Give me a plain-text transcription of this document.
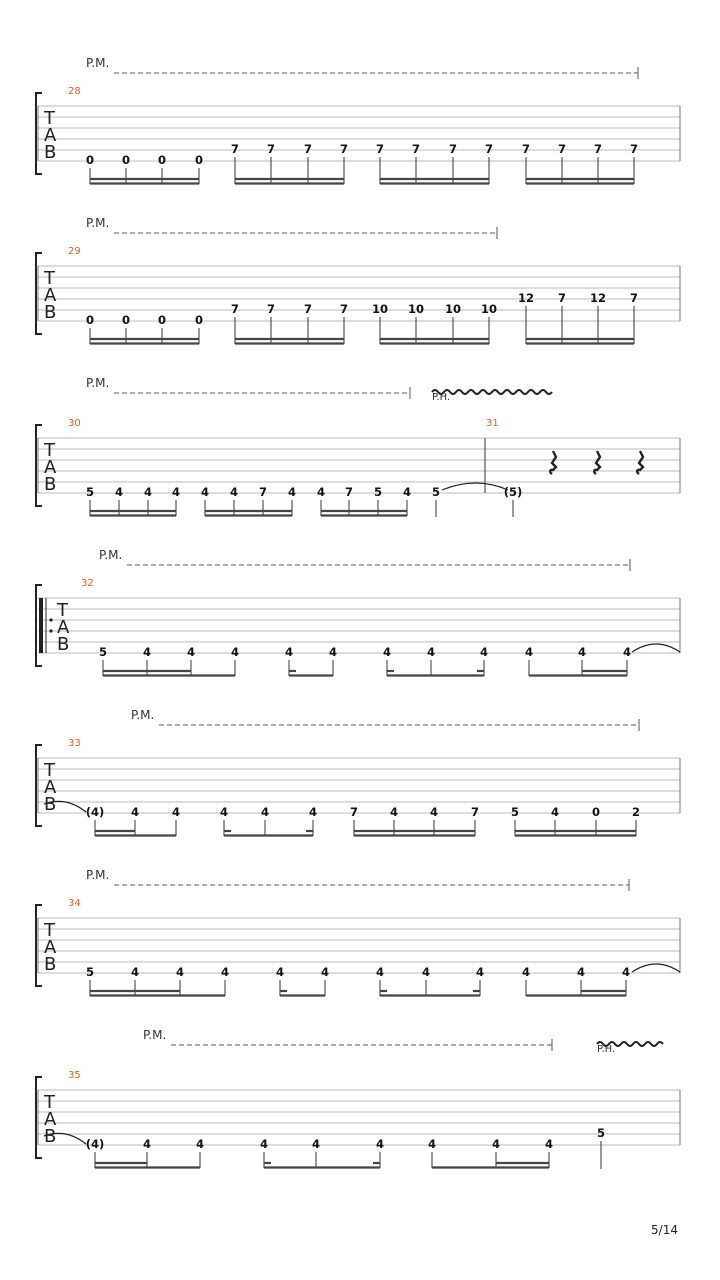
P.M.
T
A
B
28
0 0 0	0
7 7	7 7 7 7	7 7	7 7 7 7
P.M.
T
A
B
29
0 0 0	0
7 7	7 7 10 10 10 10
12 7 12 7
P.M.
P.H.
T
A
B
30	31
5 4 4 4 4 4 7 4 4 7 5 4 5	(5)
P.M.
T
A
B
32
5	4	4	4	4	4	4	4	4	4	4	4
P.M.
T
A
B
33
(4) 4	4	4	4	4	7	4	4	7	5	4	0	2
P.M.
T
A
B
34
5	4	4	4	4	4	4	4	4	4	4	4
P.M.
P.H.
T
A
B
35
(4)	4	4	4	4	4	4	4	4
5
5/14
